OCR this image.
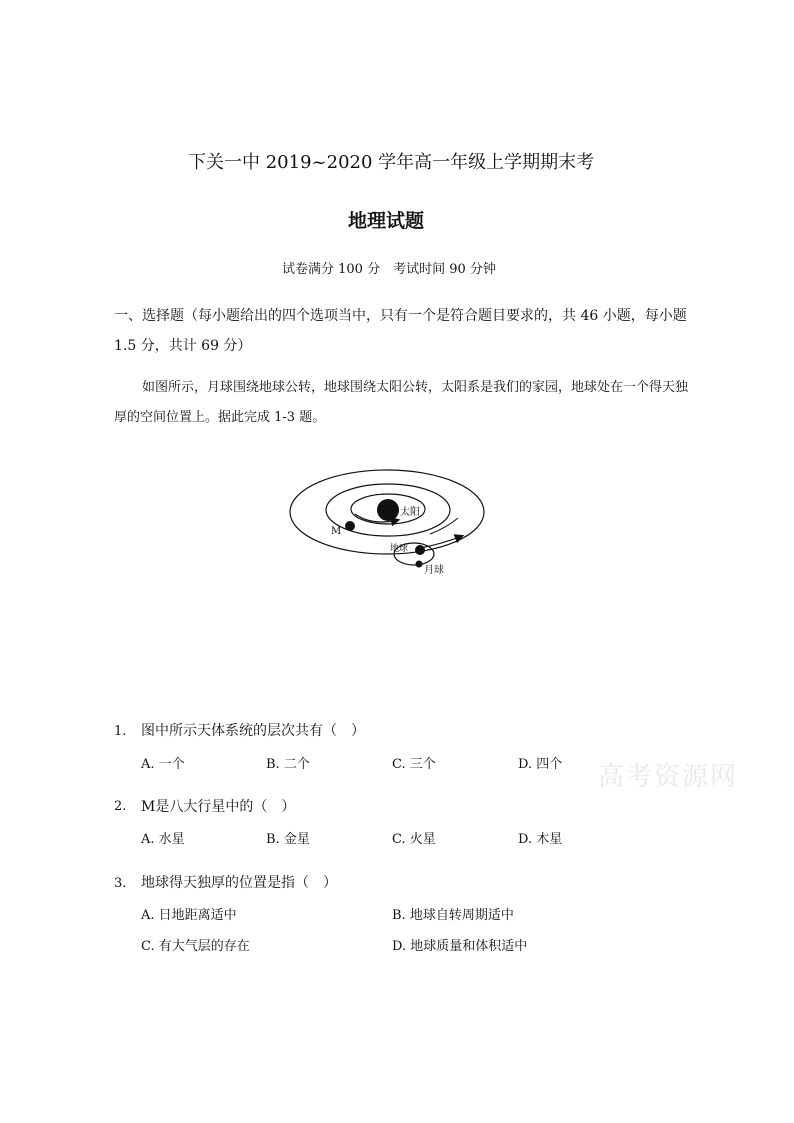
下关一中 2019~2020 学年高一年级上学期期末考
地理试题
试卷满分 100 分　考试时间 90 分钟
一、选择题（每小题给出的四个选项当中，只有一个是符合题目要求的，共 46 小题，每小题 1.5 分，共计 69 分）
如图所示，月球围绕地球公转，地球围绕太阳公转，太阳系是我们的家园，地球处在一个得天独厚的空间位置上。据此完成 1-3 题。
太阳
M
地球
月球
1. 图中所示天体系统的层次共有（　）
A. 一个	B. 二个	C. 三个	D. 四个 高考资源网
2. M是八大行星中的（　）
A. 水星	B. 金星	C. 火星	D. 木星
3. 地球得天独厚的位置是指（　）
A. 日地距离适中	B. 地球自转周期适中
C. 有大气层的存在	D. 地球质量和体积适中
